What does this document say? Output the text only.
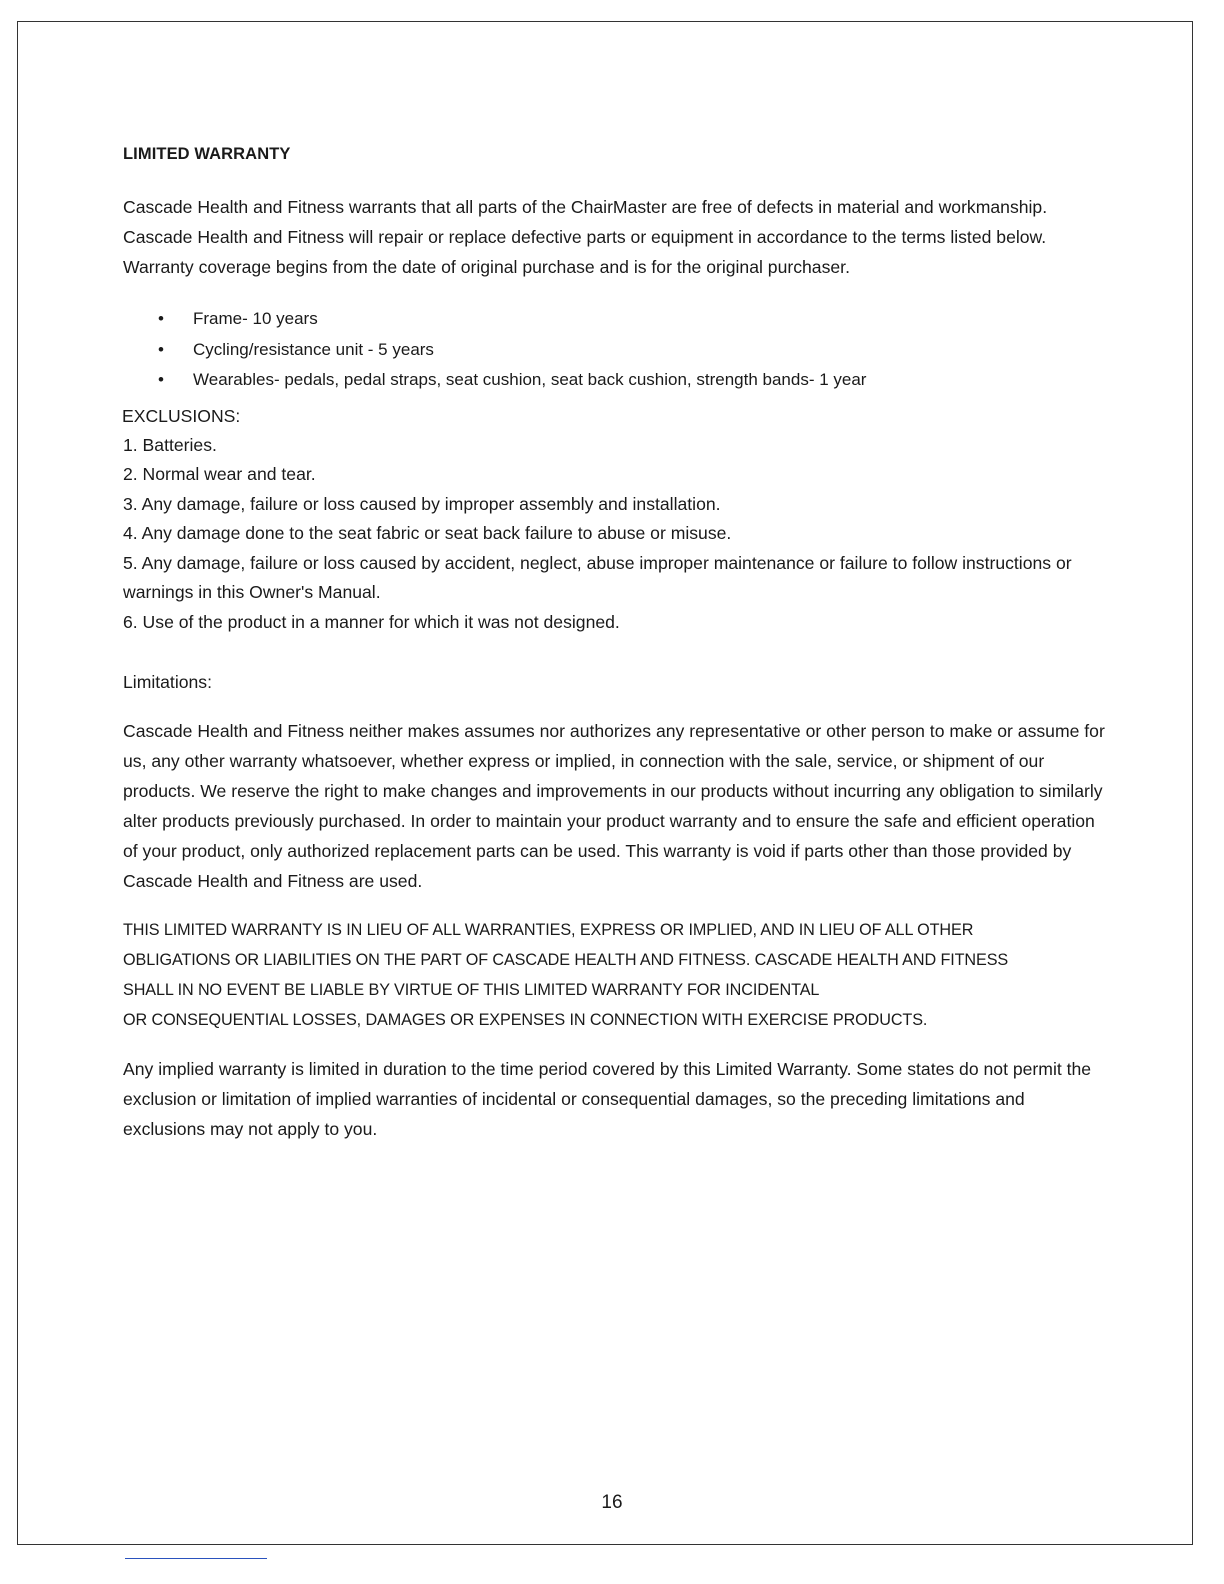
LIMITED WARRANTY

Cascade Health and Fitness warrants that all parts of the ChairMaster are free of defects in material and workmanship. Cascade Health and Fitness will repair or replace defective parts or equipment in accordance to the terms listed below. Warranty coverage begins from the date of original purchase and is for the original purchaser.

• Frame- 10 years
• Cycling/resistance unit - 5 years
• Wearables- pedals, pedal straps, seat cushion, seat back cushion, strength bands- 1 year
EXCLUSIONS:
1. Batteries.
2. Normal wear and tear.
3. Any damage, failure or loss caused by improper assembly and installation.
4. Any damage done to the seat fabric or seat back failure to abuse or misuse.
5. Any damage, failure or loss caused by accident, neglect, abuse improper maintenance or failure to follow instructions or warnings in this Owner's Manual.
6. Use of the product in a manner for which it was not designed.
Limitations:

Cascade Health and Fitness neither makes assumes nor authorizes any representative or other person to make or assume for us, any other warranty whatsoever, whether express or implied, in connection with the sale, service, or shipment of our products. We reserve the right to make changes and improvements in our products without incurring any obligation to similarly alter products previously purchased. In order to maintain your product warranty and to ensure the safe and efficient operation of your product, only authorized replacement parts can be used. This warranty is void if parts other than those provided by Cascade Health and Fitness are used.

THIS LIMITED WARRANTY IS IN LIEU OF ALL WARRANTIES, EXPRESS OR IMPLIED, AND IN LIEU OF ALL OTHER
OBLIGATIONS OR LIABILITIES ON THE PART OF CASCADE HEALTH AND FITNESS. CASCADE HEALTH AND FITNESS
SHALL IN NO EVENT BE LIABLE BY VIRTUE OF THIS LIMITED WARRANTY FOR INCIDENTAL
OR CONSEQUENTIAL LOSSES, DAMAGES OR EXPENSES IN CONNECTION WITH EXERCISE PRODUCTS.

Any implied warranty is limited in duration to the time period covered by this Limited Warranty. Some states do not permit the exclusion or limitation of implied warranties of incidental or consequential damages, so the preceding limitations and exclusions may not apply to you.

16
